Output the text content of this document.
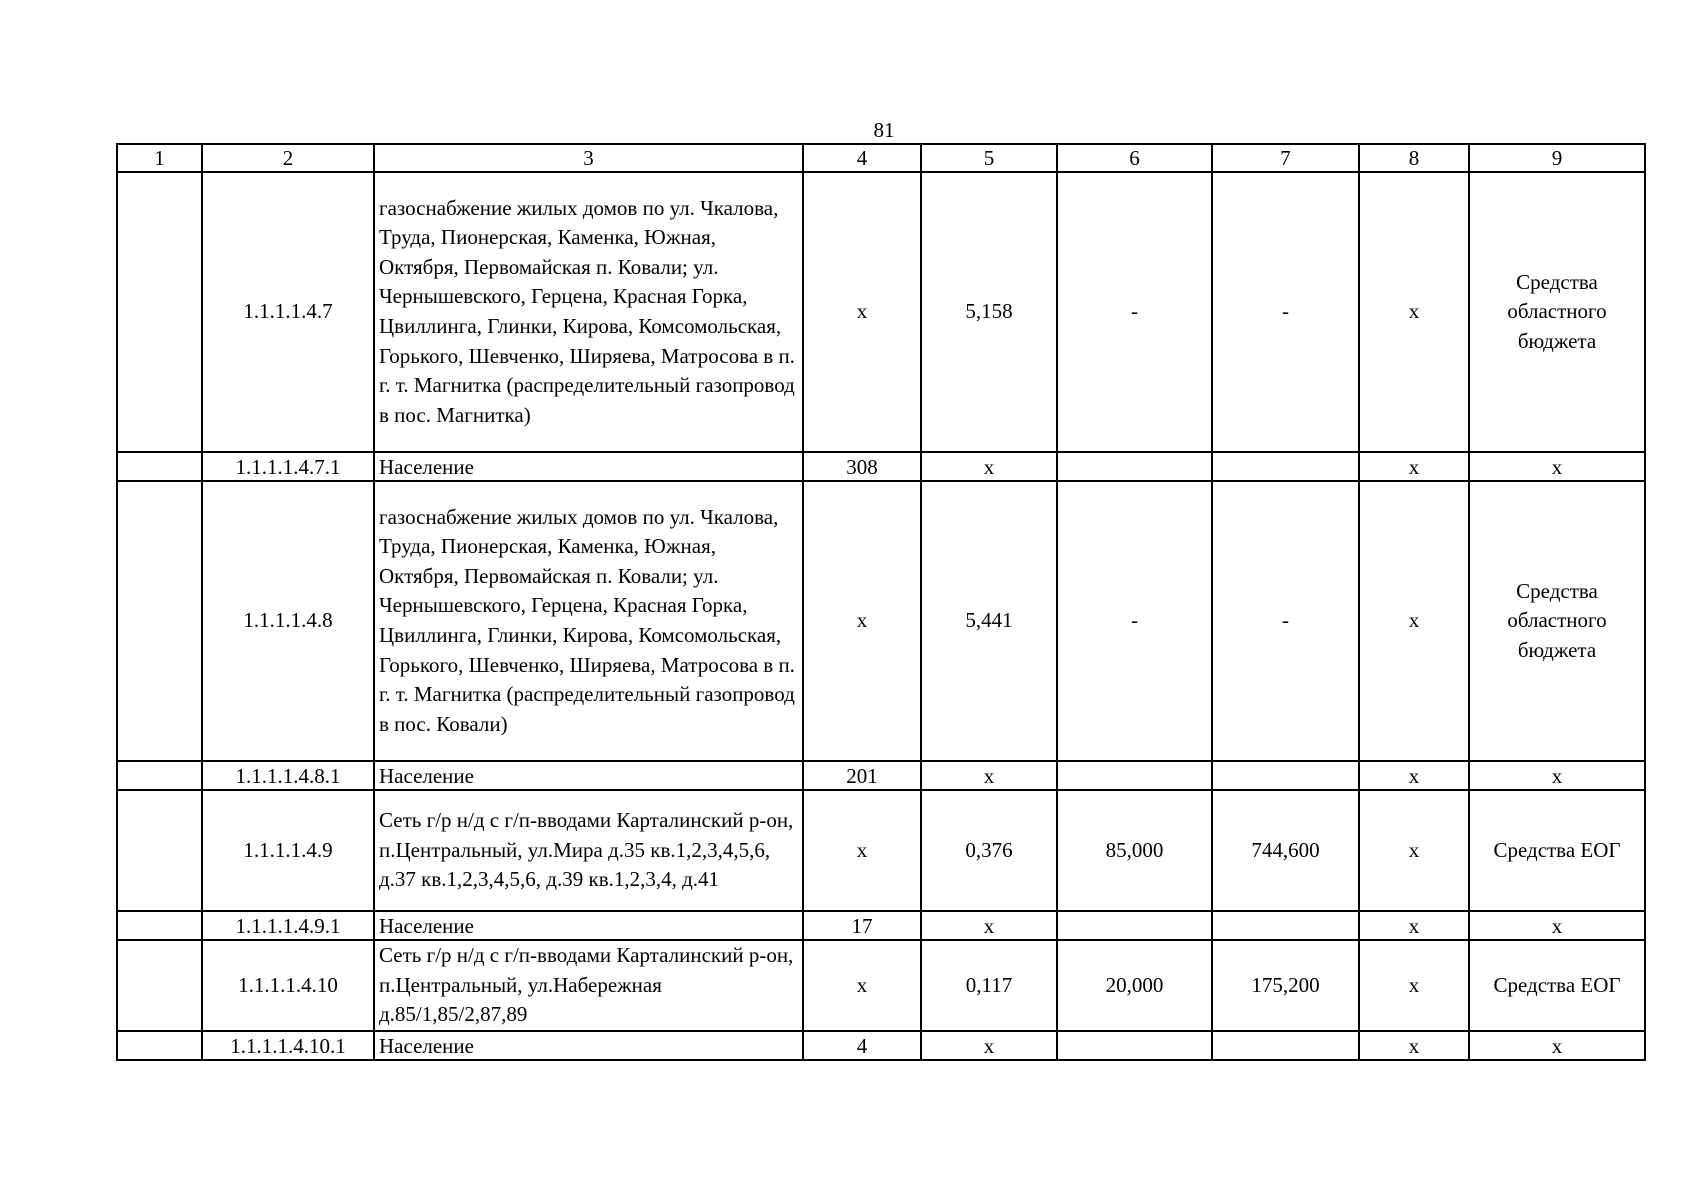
81
1	2	3	4	5	6	7	8	9
	1.1.1.1.4.7	газоснабжение жилых домов по ул. Чкалова, Труда, Пионерская, Каменка, Южная, Октября, Первомайская п. Ковали; ул. Чернышевского, Герцена, Красная Горка, Цвиллинга, Глинки, Кирова, Комсомольская, Горького, Шевченко, Ширяева, Матросова в п. г. т. Магнитка (распределительный газопровод в пос. Магнитка)	x	5,158	-	-	x	Средства областного бюджета
	1.1.1.1.4.7.1	Население	308	x			x	x
	1.1.1.1.4.8	газоснабжение жилых домов по ул. Чкалова, Труда, Пионерская, Каменка, Южная, Октября, Первомайская п. Ковали; ул. Чернышевского, Герцена, Красная Горка, Цвиллинга, Глинки, Кирова, Комсомольская, Горького, Шевченко, Ширяева, Матросова в п. г. т. Магнитка (распределительный газопровод в пос. Ковали)	x	5,441	-	-	x	Средства областного бюджета
	1.1.1.1.4.8.1	Население	201	x			x	x
	1.1.1.1.4.9	Сеть г/р н/д с г/п-вводами Карталинский р-он, п.Центральный, ул.Мира д.35 кв.1,2,3,4,5,6, д.37 кв.1,2,3,4,5,6, д.39 кв.1,2,3,4, д.41	x	0,376	85,000	744,600	x	Средства ЕОГ
	1.1.1.1.4.9.1	Население	17	x			x	x
	1.1.1.1.4.10	Сеть г/р н/д с г/п-вводами Карталинский р-он, п.Центральный, ул.Набережная д.85/1,85/2,87,89	x	0,117	20,000	175,200	x	Средства ЕОГ
	1.1.1.1.4.10.1	Население	4	x			x	x
